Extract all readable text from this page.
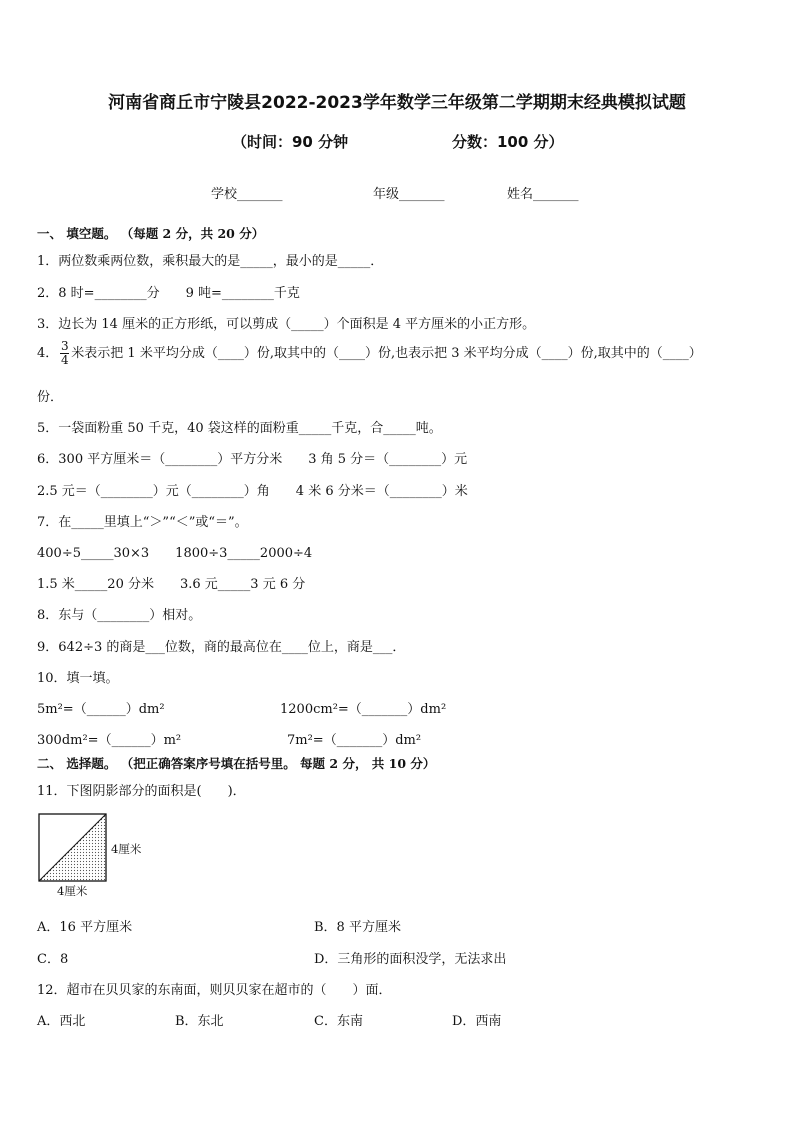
河南省商丘市宁陵县2022-2023学年数学三年级第二学期期末经典模拟试题
（时间：90 分钟	分数：100 分）
学校_______	年级_______	姓名_______
一、 填空题。 （每题 2 分，共 20 分）
1．两位数乘两位数，乘积最大的是_____，最小的是_____．
2．8 时=________分　　9 吨=________千克
3．边长为 14 厘米的正方形纸，可以剪成（_____）个面积是 4 平方厘米的小正方形。
4． $\frac{3}{4}$ 米表示把 1 米平均分成（____）份,取其中的（____）份,也表示把 3 米平均分成（____）份,取其中的（____）
份．
5．一袋面粉重 50 千克，40 袋这样的面粉重_____千克，合_____吨。
6．300 平方厘米＝（________）平方分米　　3 角 5 分＝（________）元
2.5 元＝（________）元（________）角　　4 米 6 分米＝（________）米
7．在_____里填上“＞”“＜”或“＝”。
400÷5_____30×3　　1800÷3_____2000÷4
1.5 米_____20 分米　　3.6 元_____3 元 6 分
8．东与（________）相对。
9．642÷3 的商是___位数，商的最高位在____位上，商是___．
10．填一填。
5m²=（______）dm²	1200cm²=（_______）dm²
300dm²=（______）m²	7m²=（_______）dm²
二、 选择题。 （把正确答案序号填在括号里。 每题 2 分， 共 10 分）
11．下图阴影部分的面积是(　　)．
4厘米
4厘米
A．16 平方厘米	B．8 平方厘米
C．8	D．三角形的面积没学，无法求出
12．超市在贝贝家的东南面，则贝贝家在超市的（　　）面．
A．西北	B．东北	C．东南	D．西南
